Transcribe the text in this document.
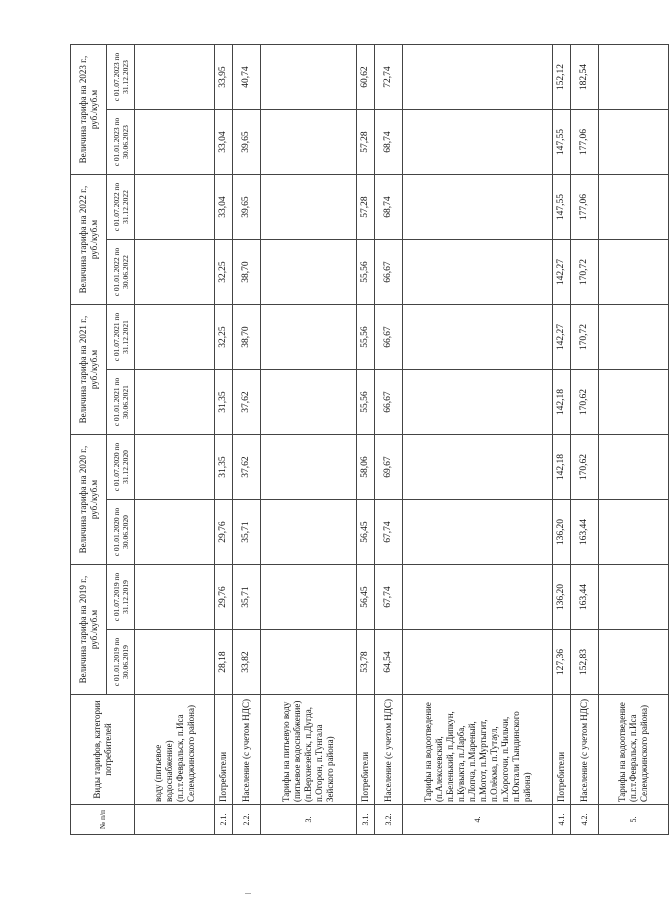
№ п/п	Виды тарифов, категории потребителей	Величина тарифа на 2019 г., руб./куб.м		Величина тарифа на 2020 г., руб./куб.м		Величина тарифа на 2021 г., руб./куб.м		Величина тарифа на 2022 г., руб./куб.м		Величина тарифа на 2023 г., руб./куб.м	
		с 01.01.2019 по 30.06.2019	с 01.07.2019 по 31.12.2019	с 01.01.2020 по 30.06.2020	с 01.07.2020 по 31.12.2020	с 01.01.2021 по 30.06.2021	с 01.07.2021 по 31.12.2021	с 01.01.2022 по 30.06.2022	с 01.07.2022 по 31.12.2022	с 01.01.2023 по 30.06.2023	с 01.07.2023 по 31.12.2023
	воду (питьевое водоснабжение) (п.г.т.Февральск, п.Иса Селемджинского района)										
2.1.	Потребители	28,18	29,76	29,76	31,35	31,35	32,25	32,25	33,04	33,04	33,95
2.2.	Население (с учетом НДС)	33,82	35,71	35,71	37,62	37,62	38,70	38,70	39,65	39,65	40,74
3.	Тарифы на питьевую воду (питьевое водоснабжение) (п.Верхнезейск, п.Дугда, п.Огорон, п.Тунгала Зейского района)										
3.1.	Потребители	53,78	56,45	56,45	58,06	55,56	55,56	55,56	57,28	57,28	60,62
3.2.	Население (с учетом НДС)	64,54	67,74	67,74	69,67	66,67	66,67	66,67	68,74	68,74	72,74
4.	Тарифы на водоотведение (п.Алексеевский, п.Беленький, п.Дипкун, п.Кувыкта, п.Ларба, п.Лопча, п.Мареный, п.Могот, п.Муртыгит, п.Олёкма, п.Тутаул, п.Хорогочи, п.Чильчи, п.Юктали Тындинского района)										
4.1.	Потребители	127,36	136,20	136,20	142,18	142,18	142,27	142,27	147,55	147,55	152,12
4.2.	Население (с учетом НДС)	152,83	163,44	163,44	170,62	170,62	170,72	170,72	177,06	177,06	182,54
5.	Тарифы на водоотведение (п.г.т.Февральск, п.Иса Селемджинского района)										
